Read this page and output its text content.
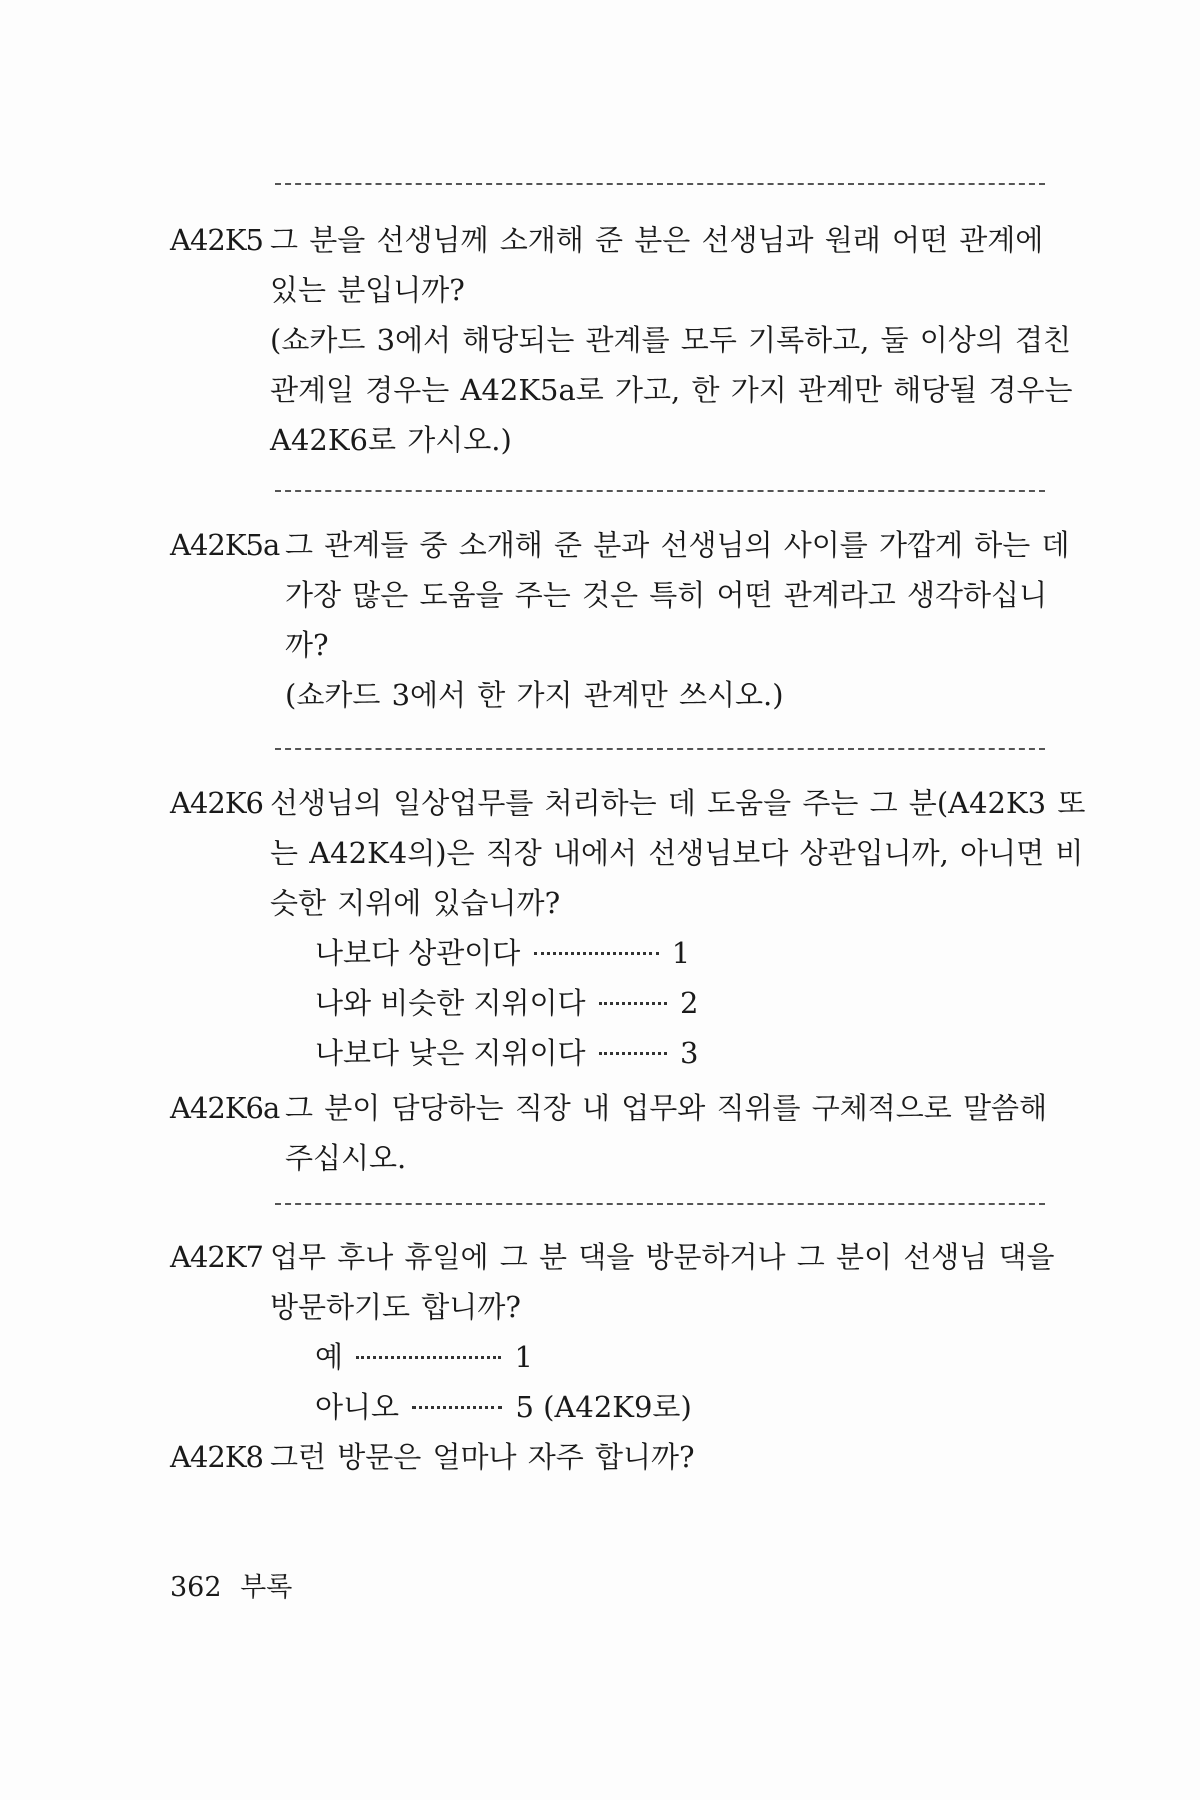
A42K5 그 분을 선생님께 소개해 준 분은 선생님과 원래 어떤 관계에
있는 분입니까?
(쇼카드 3에서 해당되는 관계를 모두 기록하고, 둘 이상의 겹친
관계일 경우는 A42K5a로 가고, 한 가지 관계만 해당될 경우는
A42K6로 가시오.)
A42K5a 그 관계들 중 소개해 준 분과 선생님의 사이를 가깝게 하는 데
가장 많은 도움을 주는 것은 특히 어떤 관계라고 생각하십니
까?
(쇼카드 3에서 한 가지 관계만 쓰시오.)
A42K6 선생님의 일상업무를 처리하는 데 도움을 주는 그 분(A42K3 또
는 A42K4의)은 직장 내에서 선생님보다 상관입니까, 아니면 비
슷한 지위에 있습니까?
나보다 상관이다	1
나와 비슷한 지위이다	2
나보다 낮은 지위이다	3
A42K6a 그 분이 담당하는 직장 내 업무와 직위를 구체적으로 말씀해
주십시오.
A42K7 업무 후나 휴일에 그 분 댁을 방문하거나 그 분이 선생님 댁을
방문하기도 합니까?
예	1
아니오	5 (A42K9로)
A42K8 그런 방문은 얼마나 자주 합니까?
362 부록
